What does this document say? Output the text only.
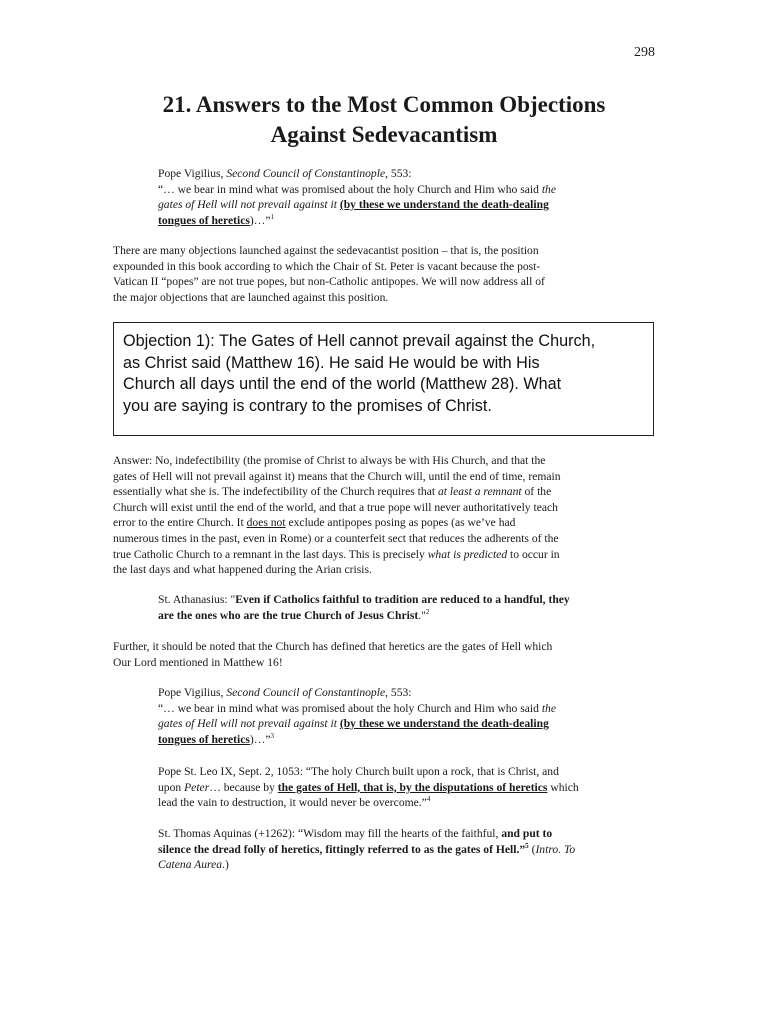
298
21. Answers to the Most Common Objections
Against Sedevacantism
Pope Vigilius, Second Council of Constantinople, 553:
“… we bear in mind what was promised about the holy Church and Him who said the
gates of Hell will not prevail against it (by these we understand the death-dealing
tongues of heretics)…”$^1$
There are many objections launched against the sedevacantist position – that is, the position
expounded in this book according to which the Chair of St. Peter is vacant because the post-
Vatican II “popes” are not true popes, but non-Catholic antipopes. We will now address all of
the major objections that are launched against this position.
Objection 1): The Gates of Hell cannot prevail against the Church,
as Christ said (Matthew 16). He said He would be with His
Church all days until the end of the world (Matthew 28). What
you are saying is contrary to the promises of Christ.
Answer: No, indefectibility (the promise of Christ to always be with His Church, and that the
gates of Hell will not prevail against it) means that the Church will, until the end of time, remain
essentially what she is. The indefectibility of the Church requires that at least a remnant of the
Church will exist until the end of the world, and that a true pope will never authoritatively teach
error to the entire Church. It does not exclude antipopes posing as popes (as we’ve had
numerous times in the past, even in Rome) or a counterfeit sect that reduces the adherents of the
true Catholic Church to a remnant in the last days. This is precisely what is predicted to occur in
the last days and what happened during the Arian crisis.
St. Athanasius: "Even if Catholics faithful to tradition are reduced to a handful, they
are the ones who are the true Church of Jesus Christ."$^2$
Further, it should be noted that the Church has defined that heretics are the gates of Hell which
Our Lord mentioned in Matthew 16!
Pope Vigilius, Second Council of Constantinople, 553:
“… we bear in mind what was promised about the holy Church and Him who said the
gates of Hell will not prevail against it (by these we understand the death-dealing
tongues of heretics)…”$^3$
Pope St. Leo IX, Sept. 2, 1053: “The holy Church built upon a rock, that is Christ, and
upon Peter… because by the gates of Hell, that is, by the disputations of heretics which
lead the vain to destruction, it would never be overcome.”$^4$
St. Thomas Aquinas (+1262): “Wisdom may fill the hearts of the faithful, and put to
silence the dread folly of heretics, fittingly referred to as the gates of Hell.”$^5$ (Intro. To
Catena Aurea.)
